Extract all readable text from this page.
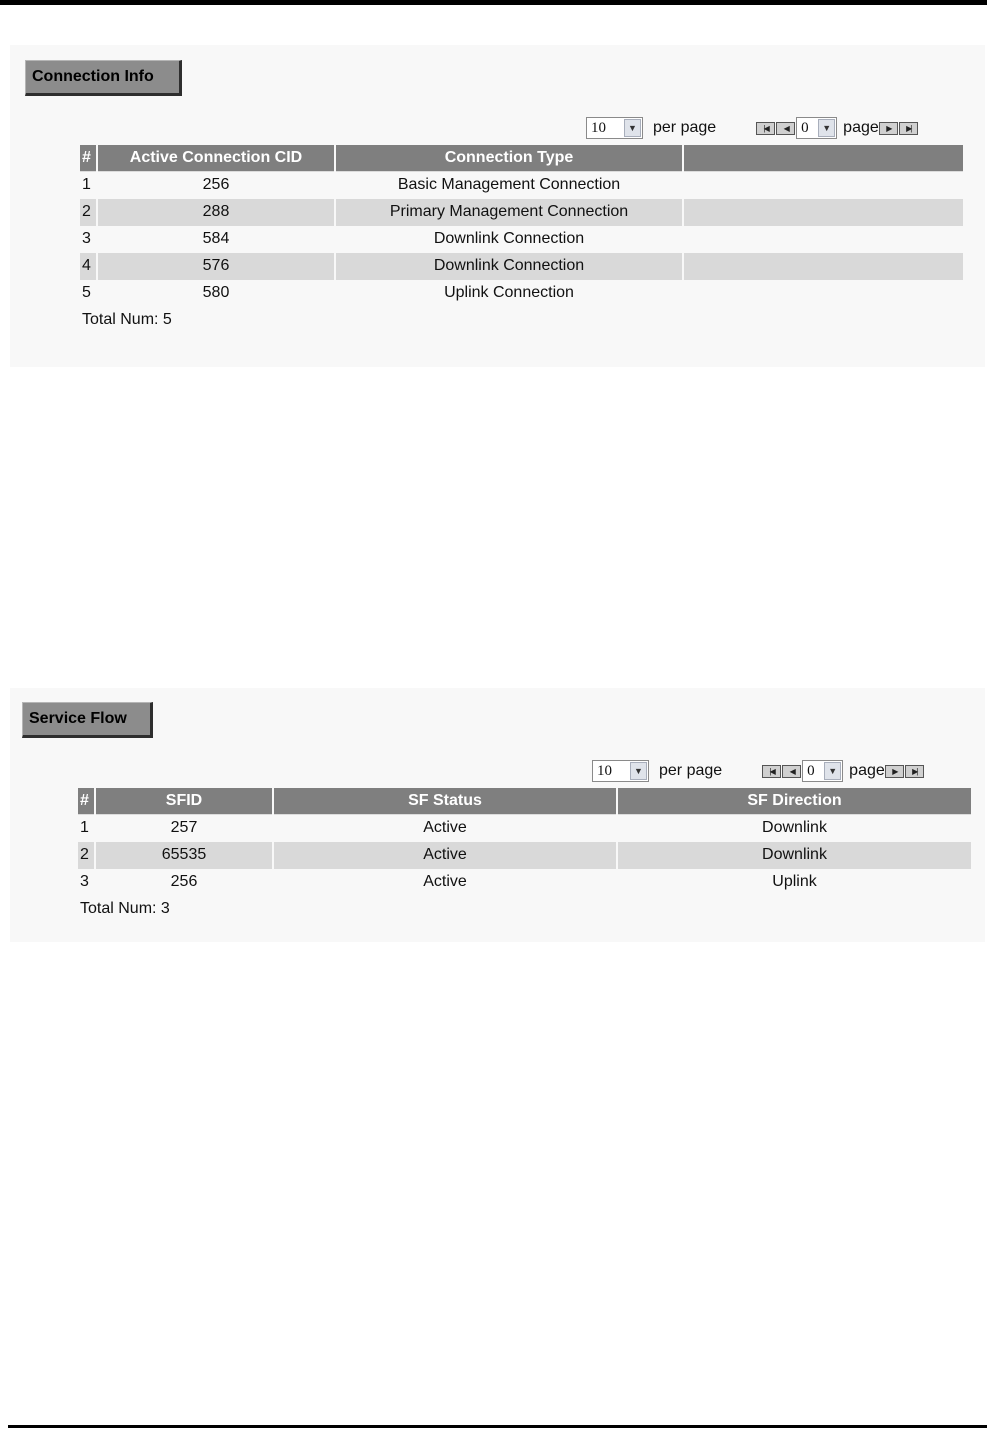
Connection Info
10	▼ per page	|◀	◀ 0	▼ page ▶	▶|
#	Active Connection CID	Connection Type	
1	256	Basic Management Connection	
2	288	Primary Management Connection	
3	584	Downlink Connection	
4	576	Downlink Connection	
5	580	Uplink Connection	
Total Num: 5
Service Flow
10	▼ per page	|◀	◀ 0	▼ page ▶	▶|
#	SFID	SF Status	SF Direction
1	257	Active	Downlink
2	65535	Active	Downlink
3	256	Active	Uplink
Total Num: 3
